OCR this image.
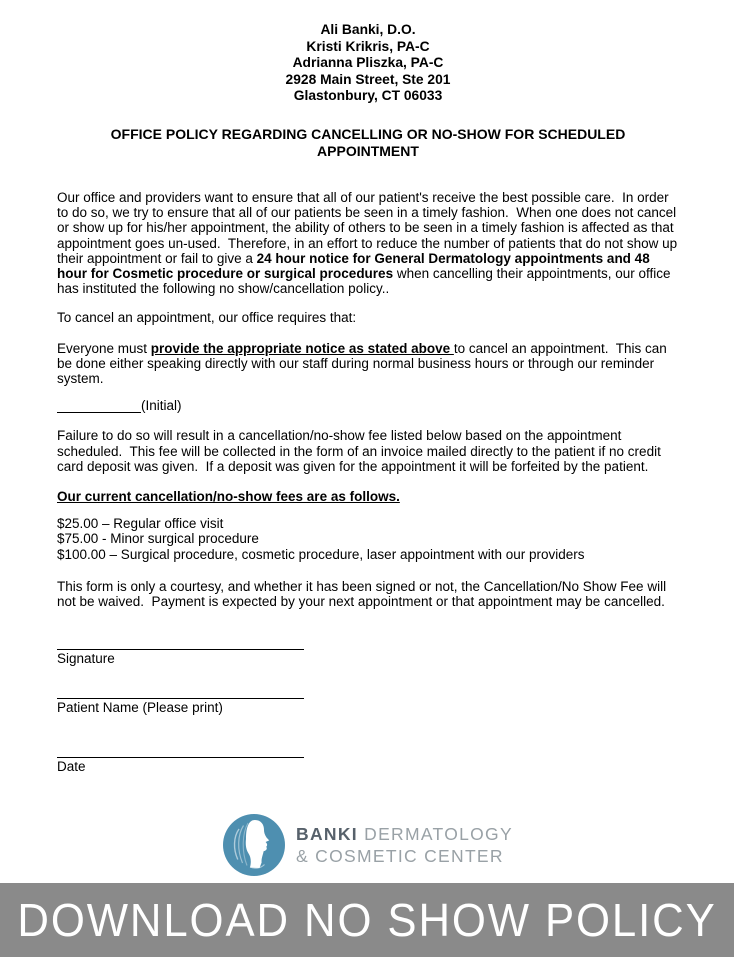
Ali Banki, D.O.
Kristi Krikris, PA-C
Adrianna Pliszka, PA-C
2928 Main Street, Ste 201
Glastonbury, CT 06033
OFFICE POLICY REGARDING CANCELLING OR NO-SHOW FOR SCHEDULED APPOINTMENT

Our office and providers want to ensure that all of our patient's receive the best possible care.  In order to do so, we try to ensure that all of our patients be seen in a timely fashion.  When one does not cancel or show up for his/her appointment, the ability of others to be seen in a timely fashion is affected as that appointment goes un-used.  Therefore, in an effort to reduce the number of patients that do not show up their appointment or fail to give a 24 hour notice for General Dermatology appointments and 48 hour for Cosmetic procedure or surgical procedures when cancelling their appointments, our office has instituted the following no show/cancellation policy..

To cancel an appointment, our office requires that:

Everyone must provide the appropriate notice as stated above to cancel an appointment.  This can be done either speaking directly with our staff during normal business hours or through our reminder system.

(Initial)

Failure to do so will result in a cancellation/no-show fee listed below based on the appointment scheduled.  This fee will be collected in the form of an invoice mailed directly to the patient if no credit card deposit was given.  If a deposit was given for the appointment it will be forfeited by the patient.

Our current cancellation/no-show fees are as follows.
$25.00 – Regular office visit
$75.00 - Minor surgical procedure
$100.00 – Surgical procedure, cosmetic procedure, laser appointment with our providers

This form is only a courtesy, and whether it has been signed or not, the Cancellation/No Show Fee will not be waived.  Payment is expected by your next appointment or that appointment may be cancelled.

Signature
Patient Name (Please print)
Date
BANKI DERMATOLOGY
& COSMETIC CENTER
DOWNLOAD NO SHOW POLICY
